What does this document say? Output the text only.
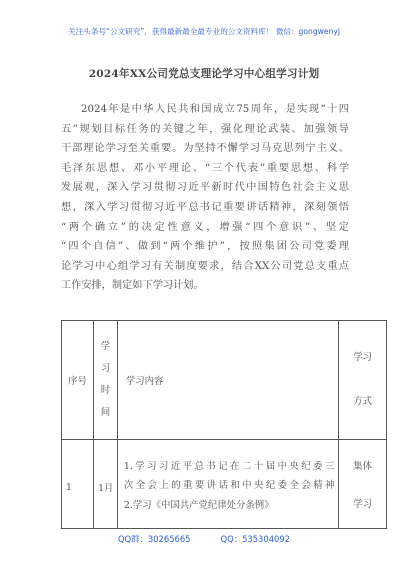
关注头条号“公文研究”，获得最新最全最专业的公文资料库！ 微信：gongwenyj
2024年XX公司党总支理论学习中心组学习计划
2024年是中华人民共和国成立75周年，是实现“十四
五”规划目标任务的关键之年，强化理论武装、加强领导
干部理论学习至关重要。为坚持不懈学习马克思列宁主义、
毛泽东思想、邓小平理论、“三个代表”重要思想、科学
发展观，深入学习贯彻习近平新时代中国特色社会主义思
想，深入学习贯彻习近平总书记重要讲话精神，深刻领悟
“两个确立”的决定性意义，增强“四个意识”、坚定
“四个自信”、做到“两个维护”，按照集团公司党委理
论学习中心组学习有关制度要求，结合XX公司党总支重点
工作安排，制定如下学习计划。
序号	学
习
时
间	学习内容	学习
方式

1	1月	1.学习习近平总书记在二十届中央纪委三
次全会上的重要讲话和中央纪委全会精神
2.学习《中国共产党纪律处分条例》	集体
学习
QQ群：30265665	QQ：535304092
